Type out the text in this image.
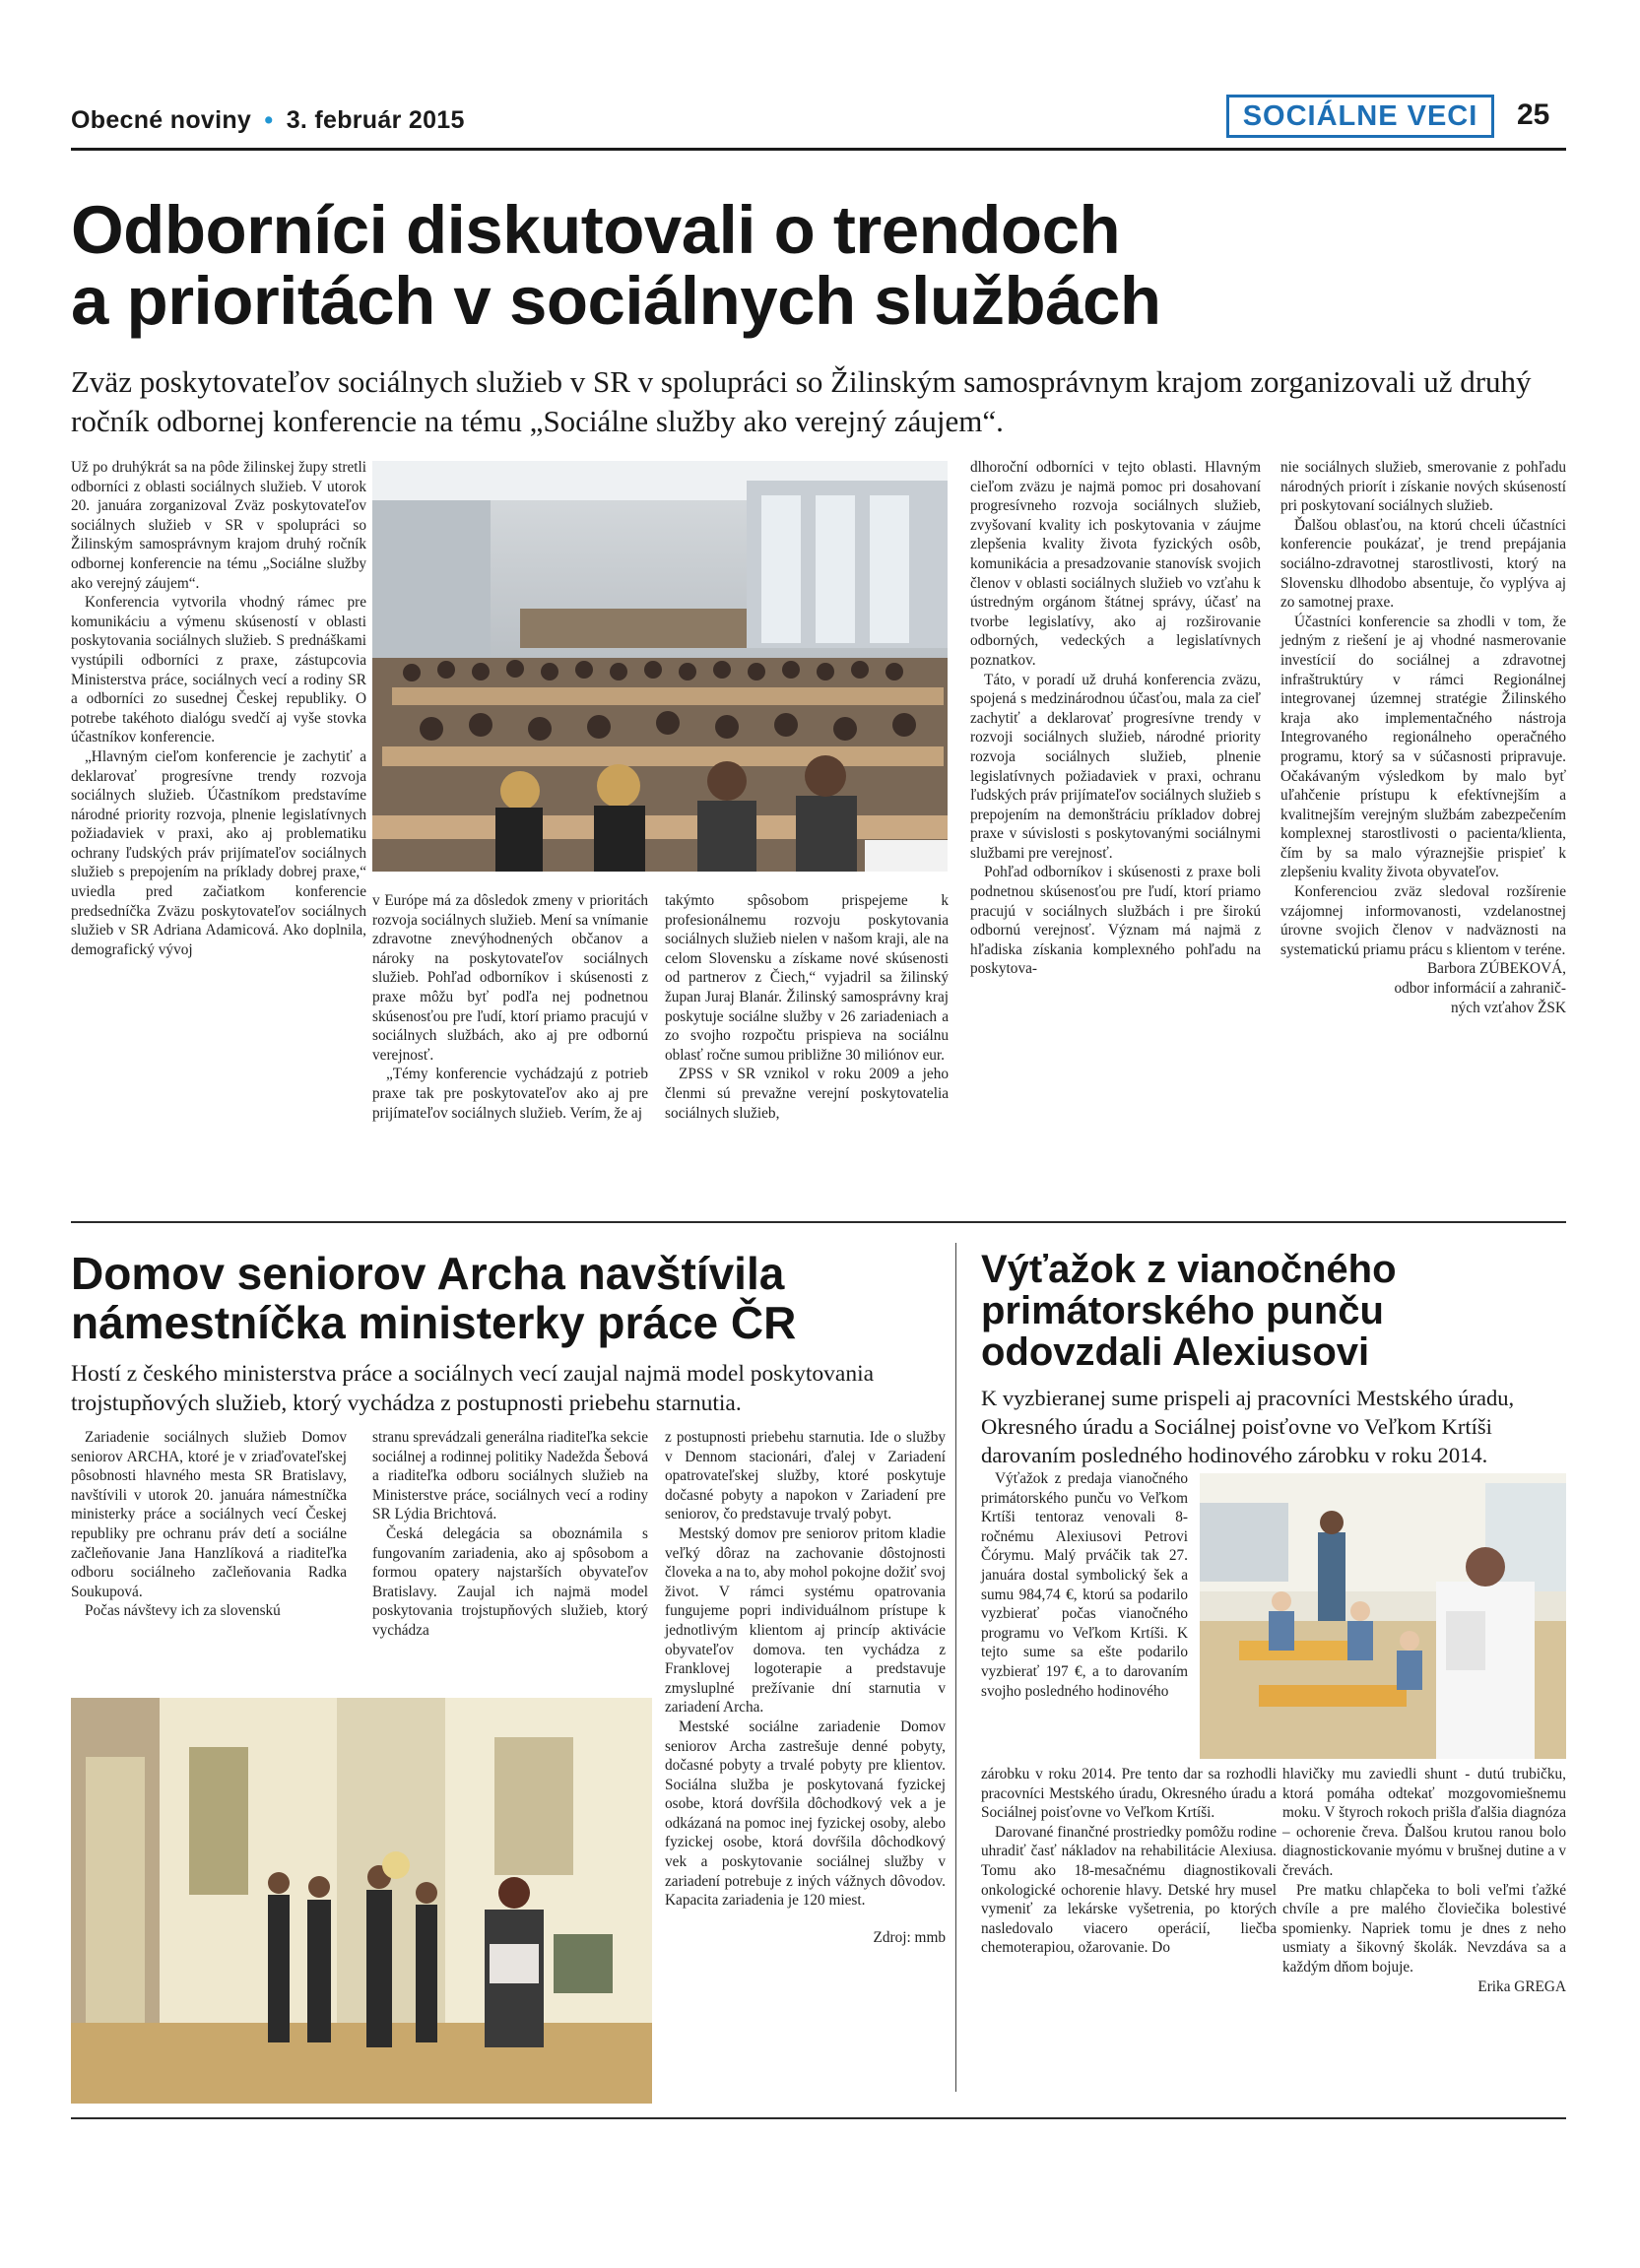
Obecné noviny • 3. február 2015	SOCIÁLNE VECI	25
Odborníci diskutovali o trendoch
a prioritách v sociálnych službách
Zväz poskytovateľov sociálnych služieb v SR v spolupráci so Žilinským samosprávnym krajom zorganizovali už druhý ročník odbornej konferencie na tému „Sociálne služby ako verejný záujem“.

Už po druhýkrát sa na pôde žilinskej župy stretli odborníci z oblasti sociálnych služieb. V utorok 20. januára zorganizoval Zväz poskytovateľov sociálnych služieb v SR v spolupráci so Žilinským samosprávnym krajom druhý ročník odbornej konferencie na tému „Sociálne služby ako verejný záujem“.

Konferencia vytvorila vhodný rámec pre komunikáciu a výmenu skúseností v oblasti poskytovania sociálnych služieb. S prednáškami vystúpili odborníci z praxe, zástupcovia Ministerstva práce, sociálnych vecí a rodiny SR a odborníci zo susednej Českej republiky. O potrebe takéhoto dialógu svedčí aj vyše stovka účastníkov konferencie.

„Hlavným cieľom konferencie je zachytiť a deklarovať progresívne trendy rozvoja sociálnych služieb. Účastníkom predstavíme národné priority rozvoja, plnenie legislatívnych požiadaviek v praxi, ako aj problematiku ochrany ľudských práv prijímateľov sociálnych služieb s prepojením na príklady dobrej praxe,“ uviedla pred začiatkom konferencie predsedníčka Zväzu poskytovateľov sociálnych služieb v SR Adriana Adamicová. Ako doplnila, demografický vývoj

v Európe má za dôsledok zmeny v prioritách rozvoja sociálnych služieb. Mení sa vnímanie zdravotne znevýhodnených občanov a nároky na poskytovateľov sociálnych služieb. Pohľad odborníkov i skúsenosti z praxe môžu byť podľa nej podnetnou skúsenosťou pre ľudí, ktorí priamo pracujú v sociálnych službách, ako aj pre odbornú verejnosť.

„Témy konferencie vychádzajú z potrieb praxe tak pre poskytovateľov ako aj pre prijímateľov sociálnych služieb. Verím, že aj

takýmto spôsobom prispejeme k profesionálnemu rozvoju poskytovania sociálnych služieb nielen v našom kraji, ale na celom Slovensku a získame nové skúsenosti od partnerov z Čiech,“ vyjadril sa žilinský župan Juraj Blanár. Žilinský samosprávny kraj poskytuje sociálne služby v 26 zariadeniach a zo svojho rozpočtu prispieva na sociálnu oblasť ročne sumou približne 30 miliónov eur.

ZPSS v SR vznikol v roku 2009 a jeho členmi sú prevažne verejní poskytovatelia sociálnych služieb,

dlhoroční odborníci v tejto oblasti. Hlavným cieľom zväzu je najmä pomoc pri dosahovaní progresívneho rozvoja sociálnych služieb, zvyšovaní kvality ich poskytovania v záujme zlepšenia kvality života fyzických osôb, komunikácia a presadzovanie stanovísk svojich členov v oblasti sociálnych služieb vo vzťahu k ústredným orgánom štátnej správy, účasť na tvorbe legislatívy, ako aj rozširovanie odborných, vedeckých a legislatívnych poznatkov.

Táto, v poradí už druhá konferencia zväzu, spojená s medzinárodnou účasťou, mala za cieľ zachytiť a deklarovať progresívne trendy v rozvoji sociálnych služieb, národné priority rozvoja sociálnych služieb, plnenie legislatívnych požiadaviek v praxi, ochranu ľudských práv prijímateľov sociálnych služieb s prepojením na demonštráciu príkladov dobrej praxe v súvislosti s poskytovanými sociálnymi službami pre verejnosť.

Pohľad odborníkov i skúsenosti z praxe boli podnetnou skúsenosťou pre ľudí, ktorí priamo pracujú v sociálnych službách i pre širokú odbornú verejnosť. Význam má najmä z hľadiska získania komplexného pohľadu na poskytova-

nie sociálnych služieb, smerovanie z pohľadu národných priorít i získanie nových skúseností pri poskytovaní sociálnych služieb.

Ďalšou oblasťou, na ktorú chceli účastníci konferencie poukázať, je trend prepájania sociálno-zdravotnej starostlivosti, ktorý na Slovensku dlhodobo absentuje, čo vyplýva aj zo samotnej praxe.

Účastníci konferencie sa zhodli v tom, že jedným z riešení je aj vhodné nasmerovanie investícií do sociálnej a zdravotnej infraštruktúry v rámci Regionálnej integrovanej územnej stratégie Žilinského kraja ako implementačného nástroja Integrovaného regionálneho operačného programu, ktorý sa v súčasnosti pripravuje. Očakávaným výsledkom by malo byť uľahčenie prístupu k efektívnejším a kvalitnejším verejným službám zabezpečením komplexnej starostlivosti o pacienta/klienta, čím by sa malo výraznejšie prispieť k zlepšeniu kvality života obyvateľov.

Konferenciou zväz sledoval rozšírenie vzájomnej informovanosti, vzdelanostnej úrovne svojich členov v nadväznosti na systematickú priamu prácu s klientom v teréne.

Barbora ZÚBEKOVÁ,

odbor informácií a zahranič-

ných vzťahov ŽSK

Domov seniorov Archa navštívila
námestníčka ministerky práce ČR
Hostí z českého ministerstva práce a sociálnych vecí zaujal najmä model poskytovania trojstupňových služieb, ktorý vychádza z postupnosti priebehu starnutia.

Zariadenie sociálnych služieb Domov seniorov ARCHA, ktoré je v zriaďovateľskej pôsobnosti hlavného mesta SR Bratislavy, navštívili v utorok 20. januára námestníčka ministerky práce a sociálnych vecí Českej republiky pre ochranu práv detí a sociálne začleňovanie Jana Hanzlíková a riaditeľka odboru sociálneho začleňovania Radka Soukupová.

Počas návštevy ich za slovenskú

stranu sprevádzali generálna riaditeľka sekcie sociálnej a rodinnej politiky Nadežda Šebová a riaditeľka odboru sociálnych služieb na Ministerstve práce, sociálnych vecí a rodiny SR Lýdia Brichtová.

Česká delegácia sa oboznámila s fungovaním zariadenia, ako aj spôsobom a formou opatery najstarších obyvateľov Bratislavy. Zaujal ich najmä model poskytovania trojstupňových služieb, ktorý vychádza

z postupnosti priebehu starnutia. Ide o služby v Dennom stacionári, ďalej v Zariadení opatrovateľskej služby, ktoré poskytuje dočasné pobyty a napokon v Zariadení pre seniorov, čo predstavuje trvalý pobyt.

Mestský domov pre seniorov pritom kladie veľký dôraz na zachovanie dôstojnosti človeka a na to, aby mohol pokojne dožiť svoj život. V rámci systému opatrovania fungujeme popri individuálnom prístupe k jednotlivým klientom aj princíp aktivácie obyvateľov domova. ten vychádza z Franklovej logoterapie a predstavuje zmysluplné prežívanie dní starnutia v zariadení Archa.

Mestské sociálne zariadenie Domov seniorov Archa zastrešuje denné pobyty, dočasné pobyty a trvalé pobyty pre klientov. Sociálna služba je poskytovaná fyzickej osobe, ktorá dovŕšila dôchodkový vek a je odkázaná na pomoc inej fyzickej osoby, alebo fyzickej osobe, ktorá dovŕšila dôchodkový vek a poskytovanie sociálnej služby v zariadení potrebuje z iných vážnych dôvodov. Kapacita zariadenia je 120 miest.

Zdroj: mmb

Výťažok z vianočného
primátorského punču
odovzdali Alexiusovi
K vyzbieranej sume prispeli aj pracovníci Mestského úradu, Okresného úradu a Sociálnej poisťovne vo Veľkom Krtíši darovaním posledného hodinového zárobku v roku 2014.

Výťažok z predaja vianočného primátorského punču vo Veľkom Krtíši tentoraz venovali 8-ročnému Alexiusovi Petrovi Čórymu. Malý prváčik tak 27. januára dostal symbolický šek a sumu 984,74 €, ktorú sa podarilo vyzbierať počas vianočného programu vo Veľkom Krtíši. K tejto sume sa ešte podarilo vyzbierať 197 €, a to darovaním svojho posledného hodinového

zárobku v roku 2014. Pre tento dar sa rozhodli pracovníci Mestského úradu, Okresného úradu a Sociálnej poisťovne vo Veľkom Krtíši.

Darované finančné prostriedky pomôžu rodine uhradiť časť nákladov na rehabilitácie Alexiusa. Tomu ako 18-mesačnému diagnostikovali onkologické ochorenie hlavy. Detské hry musel vymeniť za lekárske vyšetrenia, po ktorých nasledovalo viacero operácií, liečba chemoterapiou, ožarovanie. Do

hlavičky mu zaviedli shunt - dutú trubičku, ktorá pomáha odtekať mozgovomiešnemu moku. V štyroch rokoch prišla ďalšia diagnóza – ochorenie čreva. Ďalšou krutou ranou bolo diagnostickovanie myómu v brušnej dutine a v črevách.

Pre matku chlapčeka to boli veľmi ťažké chvíle a pre malého človiečika bolestivé spomienky. Napriek tomu je dnes z neho usmiaty a šikovný školák. Nevzdáva sa a každým dňom bojuje.

Erika GREGA
